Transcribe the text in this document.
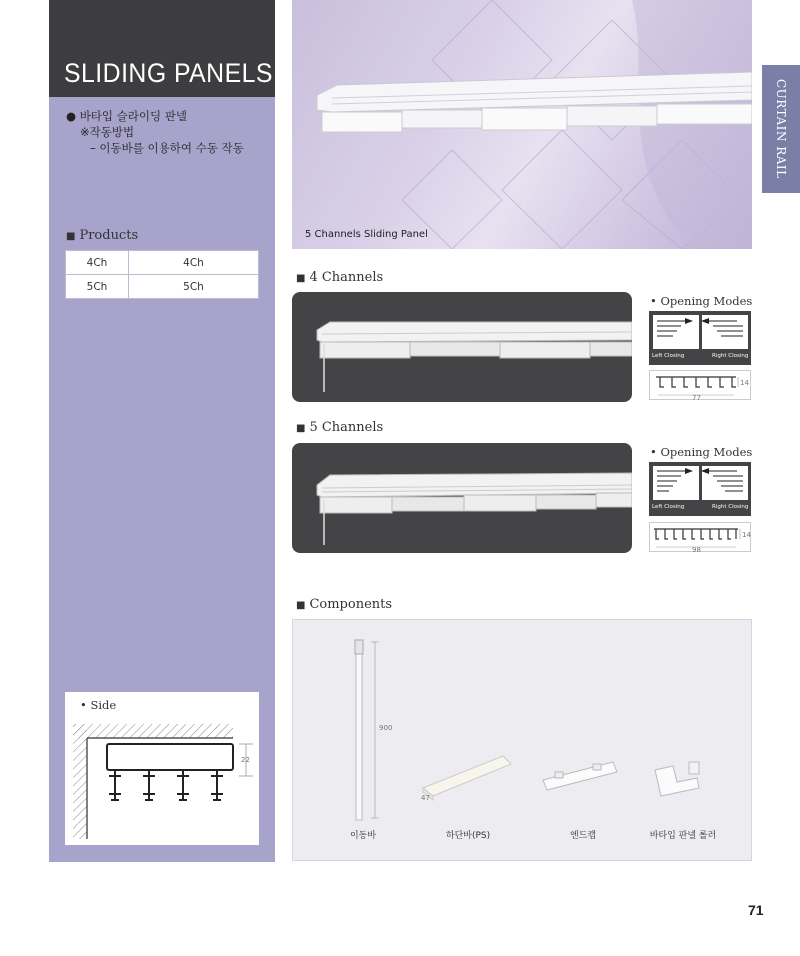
SLIDING PANELS
● 바타입 슬라이딩 판넬
※작동방법
– 이동바를 이용하여 수동 작동
■ Products
4Ch	4Ch
5Ch	5Ch
• Side
22
5 Channels Sliding Panel
CURTAIN RAIL
■ 4 Channels
• Opening Modes
Left Closing	Right Closing
77
14
■ 5 Channels
• Opening Modes
Left Closing	Right Closing
98
14
■ Components
900
47
이동바	하단바(PS)	엔드캡	바타입 판넬 롤러
71
